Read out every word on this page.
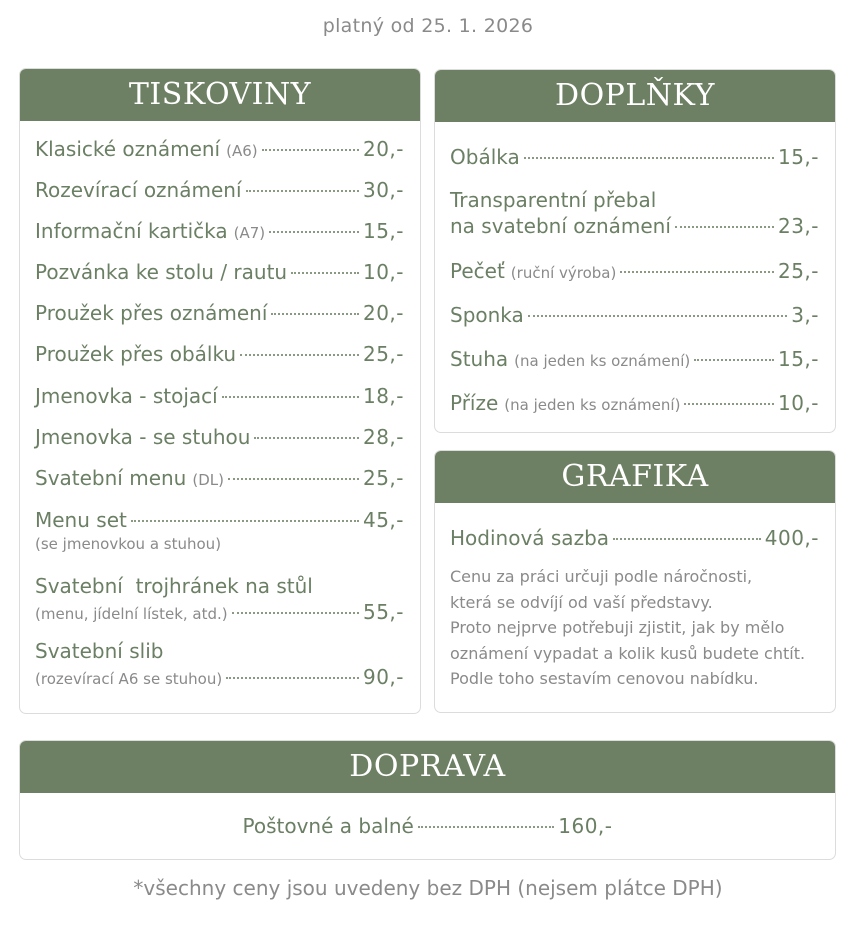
platný od 25. 1. 2026
TISKOVINY
Klasické oznámení (A6)	20,-
Rozevírací oznámení	30,-
Informační kartička (A7)	15,-
Pozvánka ke stolu / rautu	10,-
Proužek přes oznámení	20,-
Proužek přes obálku	25,-
Jmenovka - stojací	18,-
Jmenovka - se stuhou	28,-
Svatební menu (DL)	25,-
Menu set	45,-
(se jmenovkou a stuhou)
Svatební  trojhránek na stůl
(menu, jídelní lístek, atd.)	55,-
Svatební slib
(rozevírací A6 se stuhou)	90,-
DOPLŇKY
Obálka	15,-
Transparentní přebal
na svatební oznámení	23,-
Pečeť (ruční výroba)	25,-
Sponka	3,-
Stuha (na jeden ks oznámení)	15,-
Příze (na jeden ks oznámení)	10,-
GRAFIKA
Hodinová sazba	400,-
Cenu za práci určuji podle náročnosti,
která se odvíjí od vaší představy.
Proto nejprve potřebuji zjistit, jak by mělo
oznámení vypadat a kolik kusů budete chtít.
Podle toho sestavím cenovou nabídku.
DOPRAVA
Poštovné a balné	160,-
*všechny ceny jsou uvedeny bez DPH (nejsem plátce DPH)
